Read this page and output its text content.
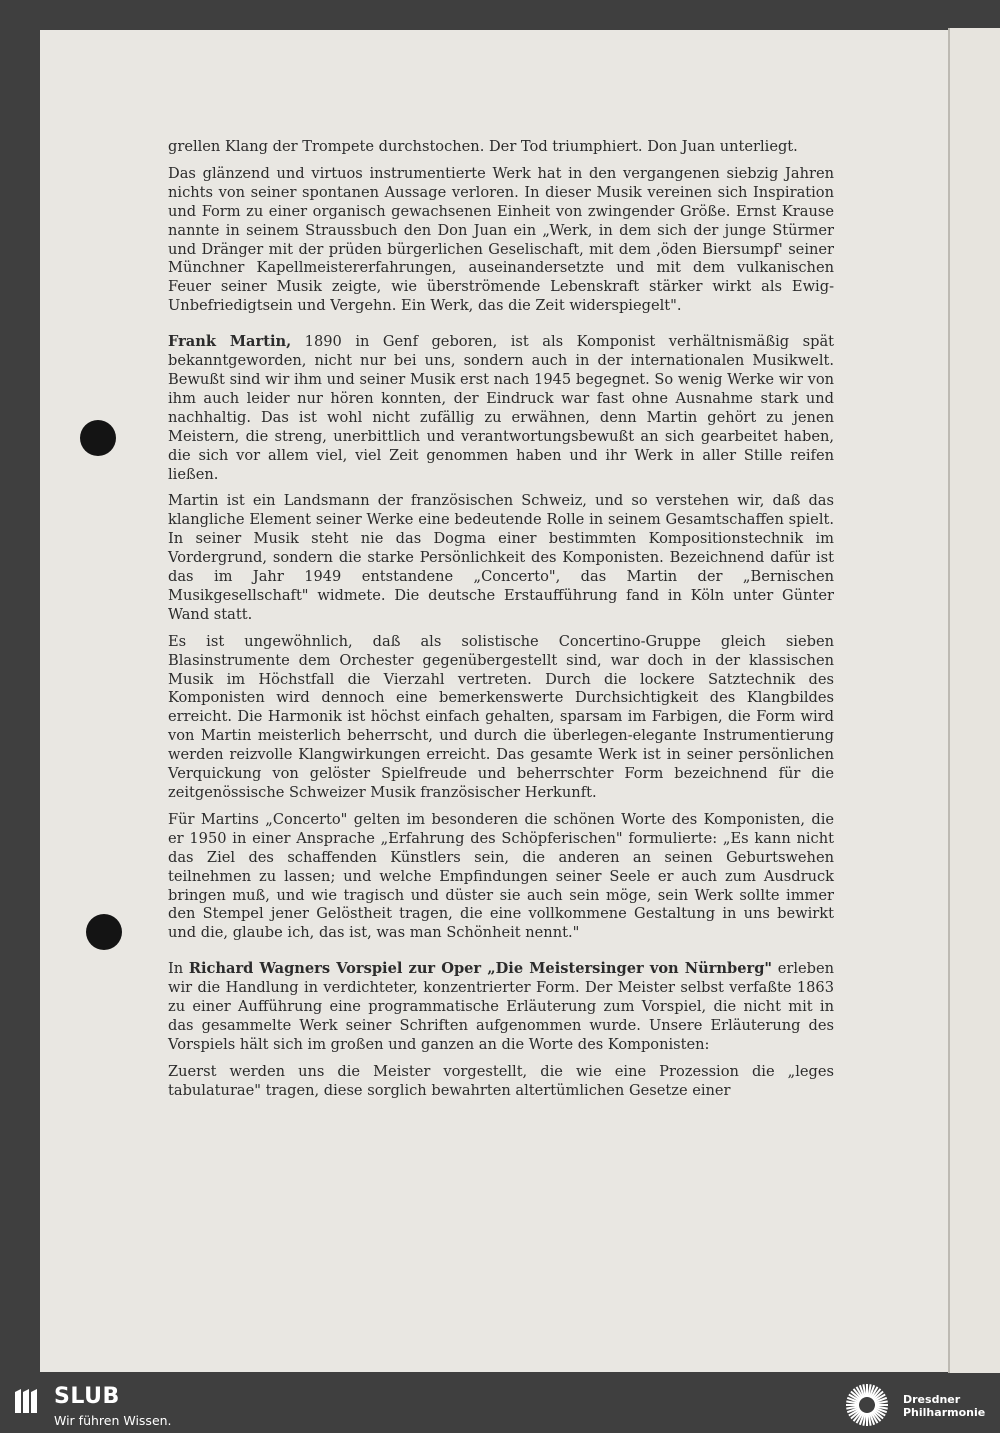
grellen Klang der Trompete durchstochen. Der Tod triumphiert. Don Juan unterliegt.

Das glänzend und virtuos instrumentierte Werk hat in den vergangenen siebzig Jahren nichts von seiner spontanen Aussage verloren. In dieser Musik vereinen sich Inspiration und Form zu einer organisch gewachsenen Einheit von zwingender Größe. Ernst Krause nannte in seinem Straussbuch den Don Juan ein „Werk, in dem sich der junge Stürmer und Dränger mit der prüden bürgerlichen Geselischaft, mit dem ‚öden Biersumpf' seiner Münchner Kapellmeistererfahrungen, auseinandersetzte und mit dem vulkanischen Feuer seiner Musik zeigte, wie überströmende Lebenskraft stärker wirkt als Ewig-Unbefriedigtsein und Vergehn. Ein Werk, das die Zeit widerspiegelt".

Frank Martin, 1890 in Genf geboren, ist als Komponist verhältnismäßig spät bekanntgeworden, nicht nur bei uns, sondern auch in der internationalen Musikwelt. Bewußt sind wir ihm und seiner Musik erst nach 1945 begegnet. So wenig Werke wir von ihm auch leider nur hören konnten, der Eindruck war fast ohne Ausnahme stark und nachhaltig. Das ist wohl nicht zufällig zu erwähnen, denn Martin gehört zu jenen Meistern, die streng, unerbittlich und verantwortungsbewußt an sich gearbeitet haben, die sich vor allem viel, viel Zeit genommen haben und ihr Werk in aller Stille reifen ließen.

Martin ist ein Landsmann der französischen Schweiz, und so verstehen wir, daß das klangliche Element seiner Werke eine bedeutende Rolle in seinem Gesamtschaffen spielt. In seiner Musik steht nie das Dogma einer bestimmten Kompositionstechnik im Vordergrund, sondern die starke Persönlichkeit des Komponisten. Bezeichnend dafür ist das im Jahr 1949 entstandene „Concerto", das Martin der „Bernischen Musikgesellschaft" widmete. Die deutsche Erstaufführung fand in Köln unter Günter Wand statt.

Es ist ungewöhnlich, daß als solistische Concertino-Gruppe gleich sieben Blasinstrumente dem Orchester gegenübergestellt sind, war doch in der klassischen Musik im Höchstfall die Vierzahl vertreten. Durch die lockere Satztechnik des Komponisten wird dennoch eine bemerkenswerte Durchsichtigkeit des Klangbildes erreicht. Die Harmonik ist höchst einfach gehalten, sparsam im Farbigen, die Form wird von Martin meisterlich beherrscht, und durch die überlegen-elegante Instrumentierung werden reizvolle Klangwirkungen erreicht. Das gesamte Werk ist in seiner persönlichen Verquickung von gelöster Spielfreude und beherrschter Form bezeichnend für die zeitgenössische Schweizer Musik französischer Herkunft.

Für Martins „Concerto" gelten im besonderen die schönen Worte des Komponisten, die er 1950 in einer Ansprache „Erfahrung des Schöpferischen" formulierte: „Es kann nicht das Ziel des schaffenden Künstlers sein, die anderen an seinen Geburtswehen teilnehmen zu lassen; und welche Empfindungen seiner Seele er auch zum Ausdruck bringen muß, und wie tragisch und düster sie auch sein möge, sein Werk sollte immer den Stempel jener Gelöstheit tragen, die eine vollkommene Gestaltung in uns bewirkt und die, glaube ich, das ist, was man Schönheit nennt."

In Richard Wagners Vorspiel zur Oper „Die Meistersinger von Nürnberg" erleben wir die Handlung in verdichteter, konzentrierter Form. Der Meister selbst verfaßte 1863 zu einer Aufführung eine programmatische Erläuterung zum Vorspiel, die nicht mit in das gesammelte Werk seiner Schriften aufgenommen wurde. Unsere Erläuterung des Vorspiels hält sich im großen und ganzen an die Worte des Komponisten:

Zuerst werden uns die Meister vorgestellt, die wie eine Prozession die „leges tabulaturae" tragen, diese sorglich bewahrten altertümlichen Gesetze einer

SLUB
Wir führen Wissen.
Dresdner
Philharmonie
